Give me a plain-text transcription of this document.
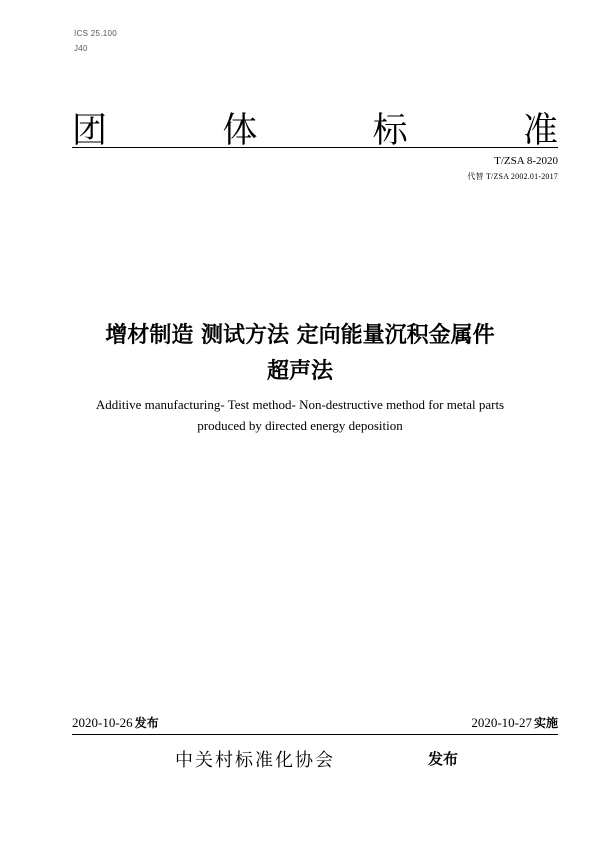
ICS 25.100
J40
团	体	标	准
T/ZSA 8-2020
代替 T/ZSA 2002.01-2017
增材制造 测试方法 定向能量沉积金属件
超声法
Additive manufacturing- Test method- Non-destructive method for metal parts
produced by directed energy deposition
2020-10-26 发布	2020-10-27 实施
中关村标准化协会	发布
